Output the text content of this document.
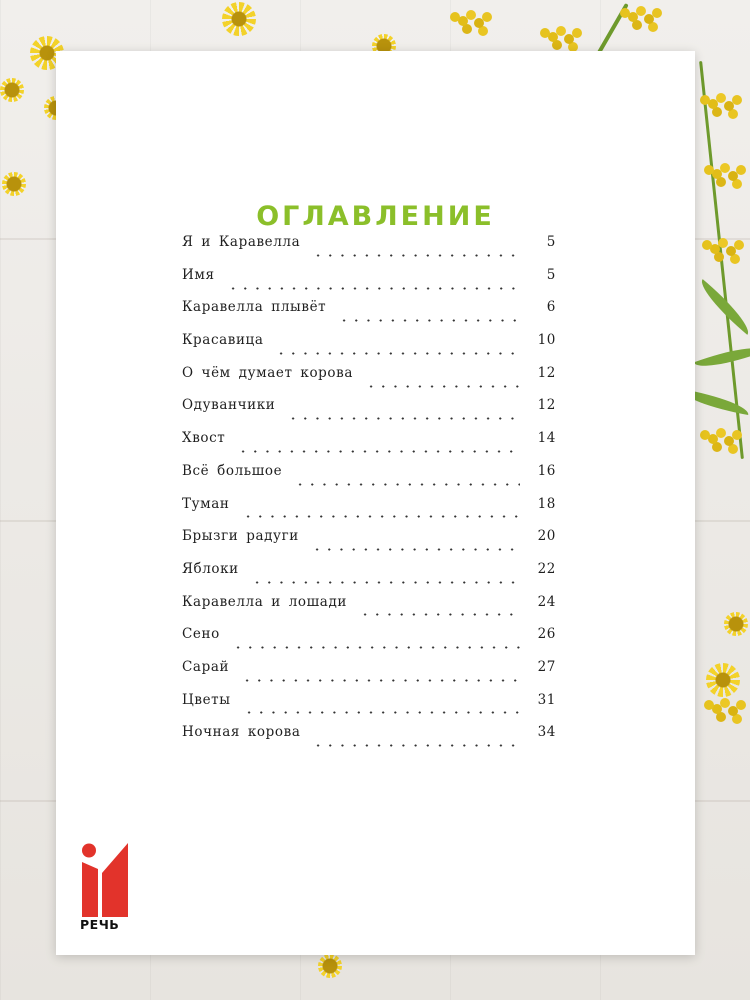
ОГЛАВЛЕНИЕ
Я и Каравелла	5
Имя	5
Каравелла плывёт	6
Красавица	10
О чём думает корова	12
Одуванчики	12
Хвост	14
Всё большое	16
Туман	18
Брызги радуги	20
Яблоки	22
Каравелла и лошади	24
Сено	26
Сарай	27
Цветы	31
Ночная корова	34
РЕЧЬ
